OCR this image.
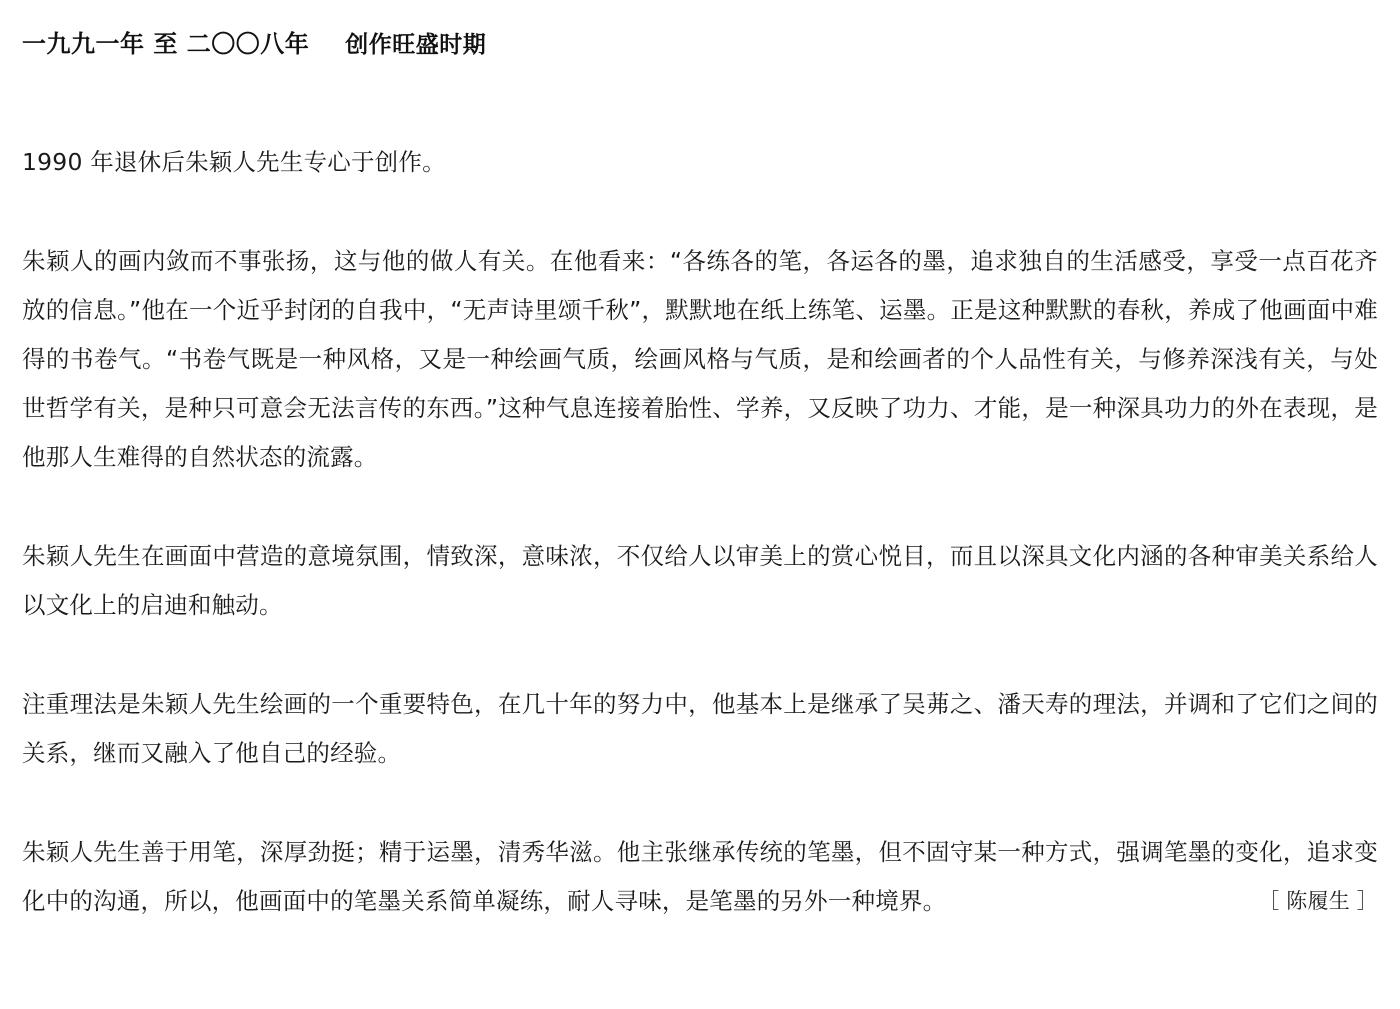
一九九一年 至 二〇〇八年 创作旺盛时期

1990 年退休后朱颖人先生专心于创作。

朱颖人的画内敛而不事张扬，这与他的做人有关。在他看来：“各练各的笔，各运各的墨，追求独自的生活感受，享受一点百花齐放的信息。”他在一个近乎封闭的自我中，“无声诗里颂千秋”，默默地在纸上练笔、运墨。正是这种默默的春秋，养成了他画面中难得的书卷气。“书卷气既是一种风格，又是一种绘画气质，绘画风格与气质，是和绘画者的个人品性有关，与修养深浅有关，与处世哲学有关，是种只可意会无法言传的东西。”这种气息连接着胎性、学养，又反映了功力、才能，是一种深具功力的外在表现，是他那人生难得的自然状态的流露。

朱颖人先生在画面中营造的意境氛围，情致深，意味浓，不仅给人以审美上的赏心悦目，而且以深具文化内涵的各种审美关系给人以文化上的启迪和触动。

注重理法是朱颖人先生绘画的一个重要特色，在几十年的努力中，他基本上是继承了吴茀之、潘天寿的理法，并调和了它们之间的关系，继而又融入了他自己的经验。

朱颖人先生善于用笔，深厚劲挺；精于运墨，清秀华滋。他主张继承传统的笔墨，但不固守某一种方式，强调笔墨的变化，追求变化中的沟通，所以，他画面中的笔墨关系简单凝练，耐人寻味，是笔墨的另外一种境界。	［ 陈履生 ］
